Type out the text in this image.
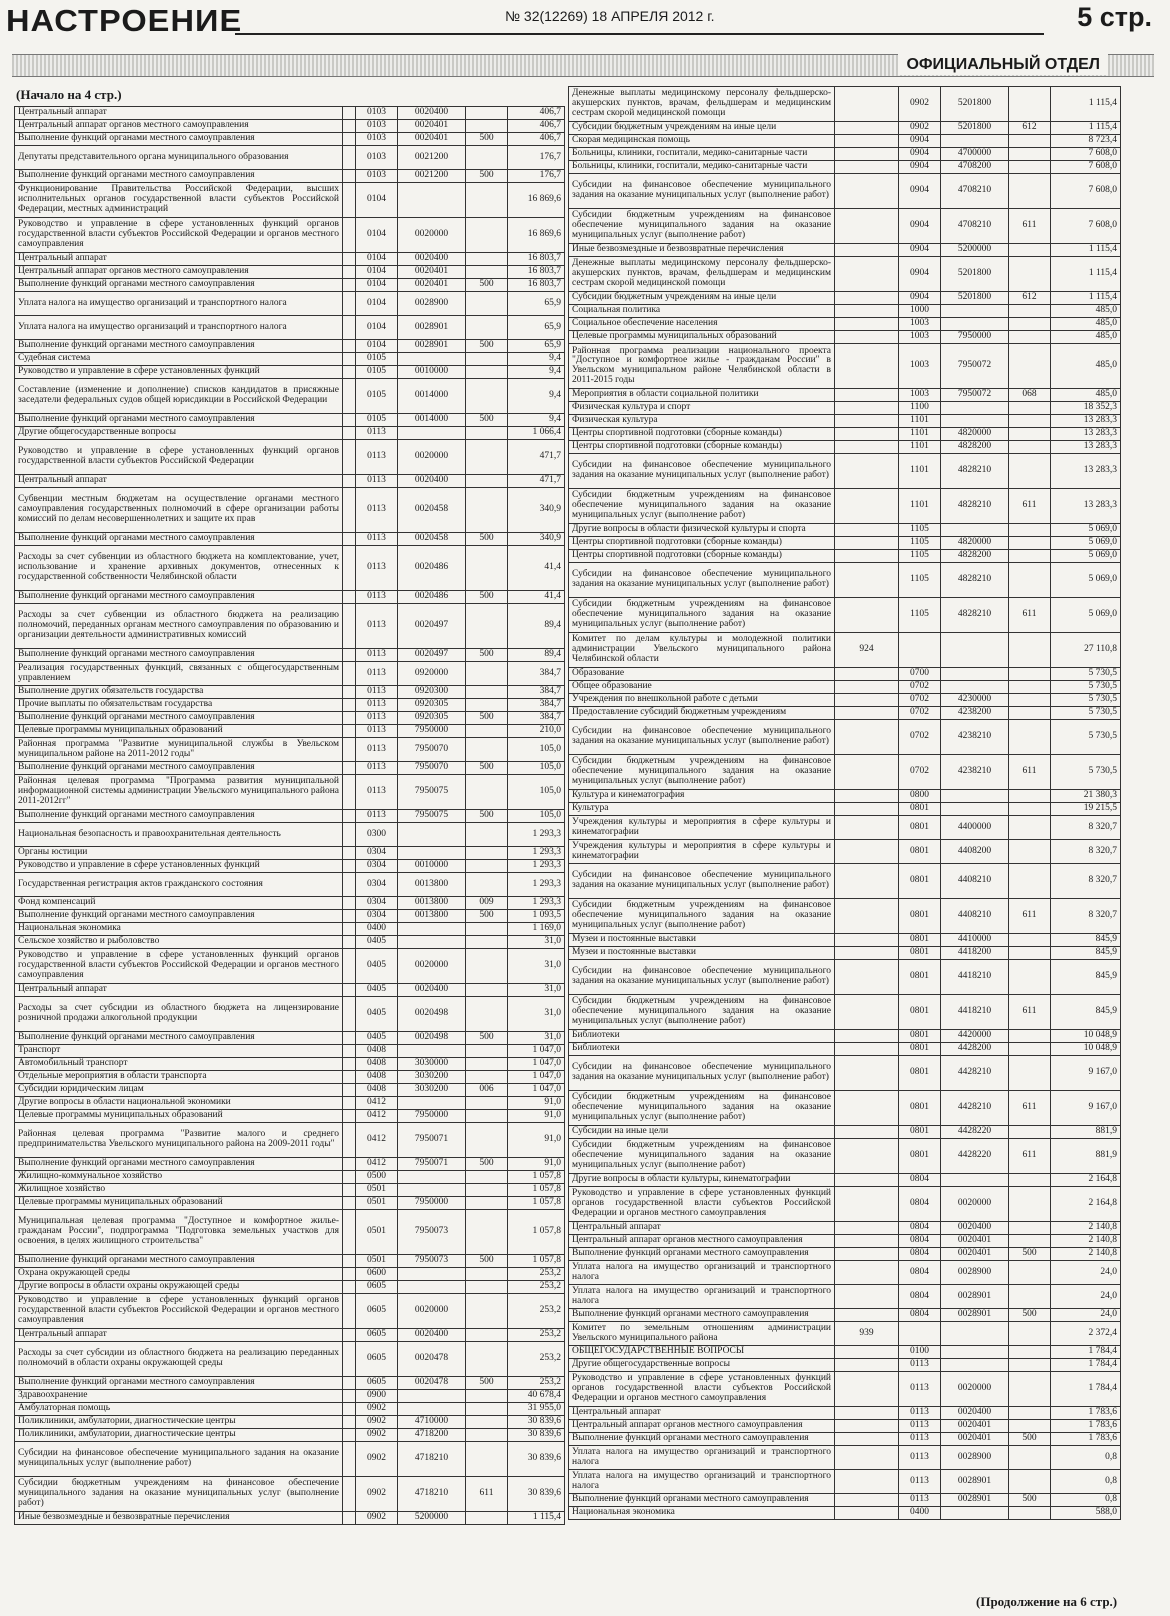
НАСТРОЕНИЕ	№ 32(12269) 18 АПРЕЛЯ 2012 г.	5 стр.
ОФИЦИАЛЬНЫЙ ОТДЕЛ
(Начало на 4 стр.)
Центральный аппарат		0103	0020400		406,7
Центральный аппарат органов местного самоуправления		0103	0020401		406,7
Выполнение функций органами местного самоуправления		0103	0020401	500	406,7
Депутаты представительного органа муниципального образования		0103	0021200		176,7
Выполнение функций органами местного самоуправления		0103	0021200	500	176,7
Функционирование Правительства Российской Федерации, высших исполнительных органов государственной власти субъектов Российской Федерации, местных администраций		0104			16 869,6
Руководство и управление в сфере установленных функций органов государственной власти субъектов Российской Федерации и органов местного самоуправления		0104	0020000		16 869,6
Центральный аппарат		0104	0020400		16 803,7
Центральный аппарат органов местного самоуправления		0104	0020401		16 803,7
Выполнение функций органами местного самоуправления		0104	0020401	500	16 803,7
Уплата налога на имущество организаций и транспортного налога		0104	0028900		65,9
Уплата налога на имущество организаций и транспортного налога		0104	0028901		65,9
Выполнение функций органами местного самоуправления		0104	0028901	500	65,9
Судебная система		0105			9,4
Руководство и управление в сфере установленных функций		0105	0010000		9,4
Составление (изменение и дополнение) списков кандидатов в присяжные заседатели федеральных судов общей юрисдикции в Российской Федерации		0105	0014000		9,4
Выполнение функций органами местного самоуправления		0105	0014000	500	9,4
Другие общегосударственные вопросы		0113			1 066,4
Руководство и управление в сфере установленных функций органов государственной власти субъектов Российской Федерации		0113	0020000		471,7
Центральный аппарат		0113	0020400		471,7
Субвенции местным бюджетам на осуществление органами местного самоуправления государственных полномочий в сфере организации работы комиссий по делам несовершеннолетних и защите их прав		0113	0020458		340,9
Выполнение функций органами местного самоуправления		0113	0020458	500	340,9
Расходы за счет субвенции из областного бюджета на комплектование, учет, использование и хранение архивных документов, отнесенных к государственной собственности Челябинской области		0113	0020486		41,4
Выполнение функций органами местного самоуправления		0113	0020486	500	41,4
Расходы за счет субвенции из областного бюджета на реализацию полномочий, переданных органам местного самоуправления по образованию и организации деятельности административных комиссий		0113	0020497		89,4
Выполнение функций органами местного самоуправления		0113	0020497	500	89,4
Реализация государственных функций, связанных с общегосударственным управлением		0113	0920000		384,7
Выполнение других обязательств государства		0113	0920300		384,7
Прочие выплаты по обязательствам государства		0113	0920305		384,7
Выполнение функций органами местного самоуправления		0113	0920305	500	384,7
Целевые программы муниципальных образований		0113	7950000		210,0
Районная программа "Развитие муниципальной службы в Увельском муниципальном районе на 2011-2012 годы"		0113	7950070		105,0
Выполнение функций органами местного самоуправления		0113	7950070	500	105,0
Районная целевая программа "Программа развития муниципальной информационной системы администрации Увельского муниципального района 2011-2012гг"		0113	7950075		105,0
Выполнение функций органами местного самоуправления		0113	7950075	500	105,0
Национальная безопасность и правоохранительная деятельность		0300			1 293,3
Органы юстиции		0304			1 293,3
Руководство и управление в сфере установленных функций		0304	0010000		1 293,3
Государственная регистрация актов гражданского состояния		0304	0013800		1 293,3
Фонд компенсаций		0304	0013800	009	1 293,3
Выполнение функций органами местного самоуправления		0304	0013800	500	1 093,5
Национальная экономика		0400			1 169,0
Сельское хозяйство и рыболовство		0405			31,0
Руководство и управление в сфере установленных функций органов государственной власти субъектов Российской Федерации и органов местного самоуправления		0405	0020000		31,0
Центральный аппарат		0405	0020400		31,0
Расходы за счет субсидии из областного бюджета на лицензирование розничной продажи алкогольной продукции		0405	0020498		31,0
Выполнение функций органами местного самоуправления		0405	0020498	500	31,0
Транспорт		0408			1 047,0
Автомобильный транспорт		0408	3030000		1 047,0
Отдельные мероприятия в области транспорта		0408	3030200		1 047,0
Субсидии юридическим лицам		0408	3030200	006	1 047,0
Другие вопросы в области национальной экономики		0412			91,0
Целевые программы муниципальных образований		0412	7950000		91,0
Районная целевая программа "Развитие малого и среднего предпринимательства Увельского муниципального района на 2009-2011 годы"		0412	7950071		91,0
Выполнение функций органами местного самоуправления		0412	7950071	500	91,0
Жилищно-коммунальное хозяйство		0500			1 057,8
Жилищное хозяйство		0501			1 057,8
Целевые программы муниципальных образований		0501	7950000		1 057,8
Муниципальная целевая программа "Доступное и комфортное жилье-гражданам России", подпрограмма "Подготовка земельных участков для освоения, в целях жилищного строительства"		0501	7950073		1 057,8
Выполнение функций органами местного самоуправления		0501	7950073	500	1 057,8
Охрана окружающей среды		0600			253,2
Другие вопросы в области охраны окружающей среды		0605			253,2
Руководство и управление в сфере установленных функций органов государственной власти субъектов Российской Федерации и органов местного самоуправления		0605	0020000		253,2
Центральный аппарат		0605	0020400		253,2
Расходы за счет субсидии из областного бюджета на реализацию переданных полномочий в области охраны окружающей среды		0605	0020478		253,2
Выполнение функций органами местного самоуправления		0605	0020478	500	253,2
Здравоохранение		0900			40 678,4
Амбулаторная помощь		0902			31 955,0
Поликлиники, амбулатории, диагностические центры		0902	4710000		30 839,6
Поликлиники, амбулатории, диагностические центры		0902	4718200		30 839,6
Субсидии на финансовое обеспечение муниципального задания на оказание муниципальных услуг (выполнение работ)		0902	4718210		30 839,6
Субсидии бюджетным учреждениям на финансовое обеспечение муниципального задания на оказание муниципальных услуг (выполнение работ)		0902	4718210	611	30 839,6
Иные безвозмездные и безвозвратные перечисления		0902	5200000		1 115,4
Денежные выплаты медицинскому персоналу фельдшерско-акушерских пунктов, врачам, фельдшерам и медицинским сестрам скорой медицинской помощи		0902	5201800		1 115,4
Субсидии бюджетным учреждениям на иные цели		0902	5201800	612	1 115,4
Скорая медицинская помощь		0904			8 723,4
Больницы, клиники, госпитали, медико-санитарные части		0904	4700000		7 608,0
Больницы, клиники, госпитали, медико-санитарные части		0904	4708200		7 608,0
Субсидии на финансовое обеспечение муниципального задания на оказание муниципальных услуг (выполнение работ)		0904	4708210		7 608,0
Субсидии бюджетным учреждениям на финансовое обеспечение муниципального задания на оказание муниципальных услуг (выполнение работ)		0904	4708210	611	7 608,0
Иные безвозмездные и безвозвратные перечисления		0904	5200000		1 115,4
Денежные выплаты медицинскому персоналу фельдшерско-акушерских пунктов, врачам, фельдшерам и медицинским сестрам скорой медицинской помощи		0904	5201800		1 115,4
Субсидии бюджетным учреждениям на иные цели		0904	5201800	612	1 115,4
Социальная политика		1000			485,0
Социальное обеспечение населения		1003			485,0
Целевые программы муниципальных образований		1003	7950000		485,0
Районная программа реализации национального проекта "Доступное и комфортное жилье - гражданам России" в Увельском муниципальном районе Челябинской области в 2011-2015 годы		1003	7950072		485,0
Мероприятия в области социальной политики		1003	7950072	068	485,0
Физическая культура и спорт		1100			18 352,3
Физическая культура		1101			13 283,3
Центры спортивной подготовки (сборные команды)		1101	4820000		13 283,3
Центры спортивной подготовки (сборные команды)		1101	4828200		13 283,3
Субсидии на финансовое обеспечение муниципального задания на оказание муниципальных услуг (выполнение работ)		1101	4828210		13 283,3
Субсидии бюджетным учреждениям на финансовое обеспечение муниципального задания на оказание муниципальных услуг (выполнение работ)		1101	4828210	611	13 283,3
Другие вопросы в области физической культуры и спорта		1105			5 069,0
Центры спортивной подготовки (сборные команды)		1105	4820000		5 069,0
Центры спортивной подготовки (сборные команды)		1105	4828200		5 069,0
Субсидии на финансовое обеспечение муниципального задания на оказание муниципальных услуг (выполнение работ)		1105	4828210		5 069,0
Субсидии бюджетным учреждениям на финансовое обеспечение муниципального задания на оказание муниципальных услуг (выполнение работ)		1105	4828210	611	5 069,0
Комитет по делам культуры и молодежной политики администрации Увельского муниципального района Челябинской области	924				27 110,8
Образование		0700			5 730,5
Общее образование		0702			5 730,5
Учреждения по внешкольной работе с детьми		0702	4230000		5 730,5
Предоставление субсидий бюджетным учреждениям		0702	4238200		5 730,5
Субсидии на финансовое обеспечение муниципального задания на оказание муниципальных услуг (выполнение работ)		0702	4238210		5 730,5
Субсидии бюджетным учреждениям на финансовое обеспечение муниципального задания на оказание муниципальных услуг (выполнение работ)		0702	4238210	611	5 730,5
Культура и кинематография		0800			21 380,3
Культура		0801			19 215,5
Учреждения культуры и мероприятия в сфере культуры и кинематографии		0801	4400000		8 320,7
Учреждения культуры и мероприятия в сфере культуры и кинематографии		0801	4408200		8 320,7
Субсидии на финансовое обеспечение муниципального задания на оказание муниципальных услуг (выполнение работ)		0801	4408210		8 320,7
Субсидии бюджетным учреждениям на финансовое обеспечение муниципального задания на оказание муниципальных услуг (выполнение работ)		0801	4408210	611	8 320,7
Музеи и постоянные выставки		0801	4410000		845,9
Музеи и постоянные выставки		0801	4418200		845,9
Субсидии на финансовое обеспечение муниципального задания на оказание муниципальных услуг (выполнение работ)		0801	4418210		845,9
Субсидии бюджетным учреждениям на финансовое обеспечение муниципального задания на оказание муниципальных услуг (выполнение работ)		0801	4418210	611	845,9
Библиотеки		0801	4420000		10 048,9
Библиотеки		0801	4428200		10 048,9
Субсидии на финансовое обеспечение муниципального задания на оказание муниципальных услуг (выполнение работ)		0801	4428210		9 167,0
Субсидии бюджетным учреждениям на финансовое обеспечение муниципального задания на оказание муниципальных услуг (выполнение работ)		0801	4428210	611	9 167,0
Субсидии на иные цели		0801	4428220		881,9
Субсидии бюджетным учреждениям на финансовое обеспечение муниципального задания на оказание муниципальных услуг (выполнение работ)		0801	4428220	611	881,9
Другие вопросы в области культуры, кинематографии		0804			2 164,8
Руководство и управление в сфере установленных функций органов государственной власти субъектов Российской Федерации и органов местного самоуправления		0804	0020000		2 164,8
Центральный аппарат		0804	0020400		2 140,8
Центральный аппарат органов местного самоуправления		0804	0020401		2 140,8
Выполнение функций органами местного самоуправления		0804	0020401	500	2 140,8
Уплата налога на имущество организаций и транспортного налога		0804	0028900		24,0
Уплата налога на имущество организаций и транспортного налога		0804	0028901		24,0
Выполнение функций органами местного самоуправления		0804	0028901	500	24,0
Комитет по земельным отношениям администрации Увельского муниципального района	939				2 372,4
ОБЩЕГОСУДАРСТВЕННЫЕ ВОПРОСЫ		0100			1 784,4
Другие общегосударственные вопросы		0113			1 784,4
Руководство и управление в сфере установленных функций органов государственной власти субъектов Российской Федерации и органов местного самоуправления		0113	0020000		1 784,4
Центральный аппарат		0113	0020400		1 783,6
Центральный аппарат органов местного самоуправления		0113	0020401		1 783,6
Выполнение функций органами местного самоуправления		0113	0020401	500	1 783,6
Уплата налога на имущество организаций и транспортного налога		0113	0028900		0,8
Уплата налога на имущество организаций и транспортного налога		0113	0028901		0,8
Выполнение функций органами местного самоуправления		0113	0028901	500	0,8
Национальная экономика		0400			588,0
(Продолжение на 6 стр.)
